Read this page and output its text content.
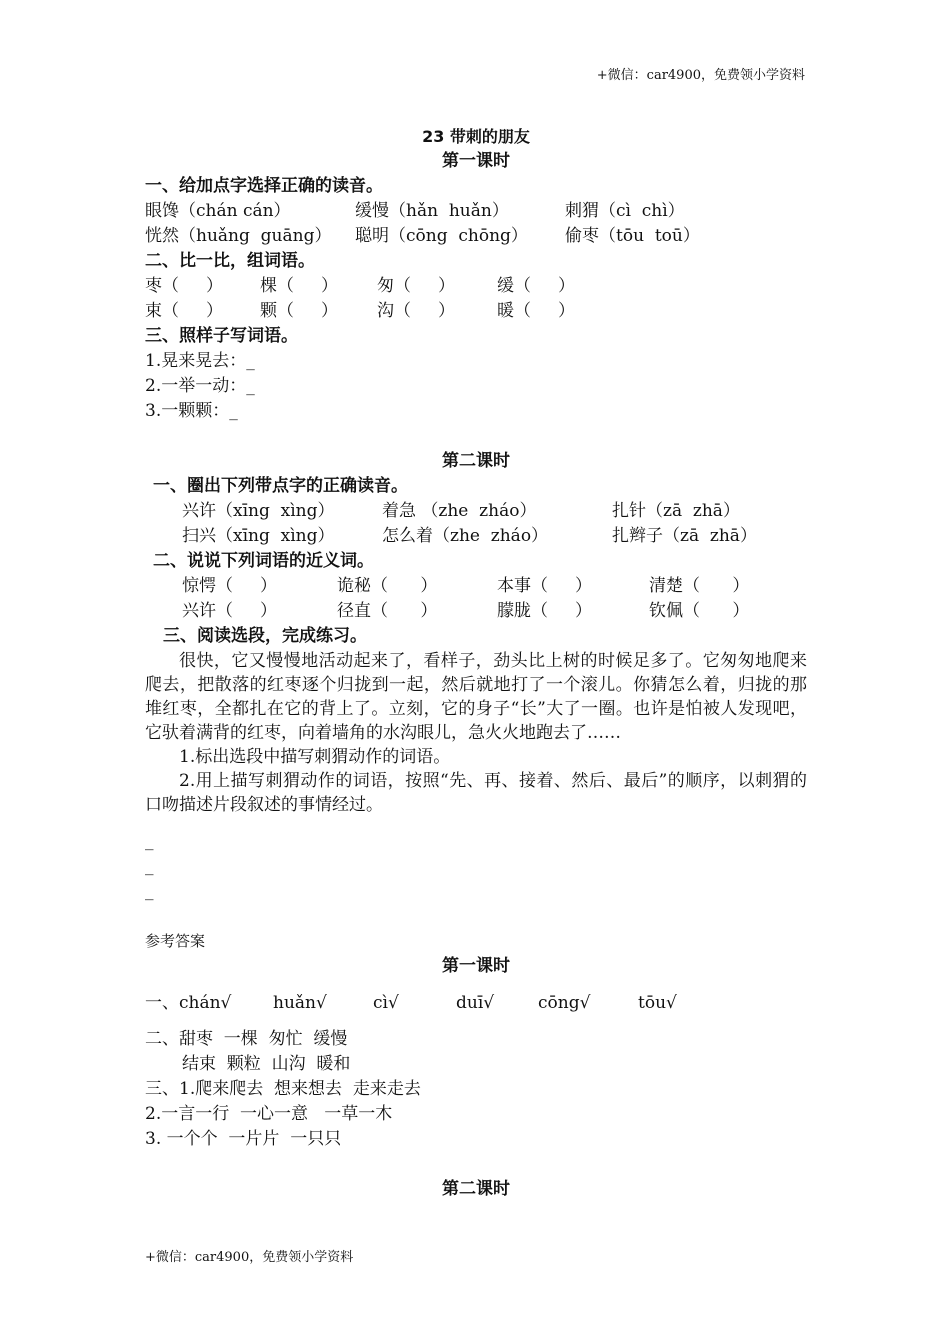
+微信：car4900，免费领小学资料
23 带刺的朋友
第一课时
一、给加点字选择正确的读音。
眼馋（chán cán）	缓慢（hǎn  huǎn）	刺猬（cì  chì）
恍然（huǎng  guāng）	聪明（cōng  chōng）	偷枣（tōu  toū）
二、比一比，组词语。
枣（     ）	棵（     ）	匆（     ）	缓（     ）
束（     ）	颗（     ）	沟（     ）	暖（     ）
三、照样子写词语。
1.晃来晃去：_
2.一举一动：_
3.一颗颗：_
第二课时
一、圈出下列带点字的正确读音。
兴许（xīng  xìng）	着急 （zhe  zháo）	扎针（zā  zhā）
扫兴（xīng  xìng）	怎么着（zhe  zháo）	扎辫子（zā  zhā）
二、说说下列词语的近义词。
惊愕（     ）	诡秘（      ）	本事（     ）	清楚（      ）
兴许（     ）	径直（      ）	朦胧（     ）	钦佩（      ）
三、阅读选段，完成练习。
很快，它又慢慢地活动起来了，看样子，劲头比上树的时候足多了。它匆匆地爬来爬去，把散落的红枣逐个归拢到一起，然后就地打了一个滚儿。你猜怎么着，归拢的那堆红枣，全都扎在它的背上了。立刻，它的身子“长”大了一圈。也许是怕被人发现吧，它驮着满背的红枣，向着墙角的水沟眼儿，急火火地跑去了……
1.标出选段中描写刺猬动作的词语。
2.用上描写刺猬动作的词语，按照“先、再、接着、然后、最后”的顺序，以刺猬的口吻描述片段叙述的事情经过。
_
_
_
参考答案
第一课时
一、chán√	huǎn√	cì√	duī√	cōng√	tōu√
二、甜枣  一棵  匆忙  缓慢
结束  颗粒  山沟  暖和
三、1.爬来爬去  想来想去  走来走去
2.一言一行  一心一意   一草一木
3. 一个个  一片片  一只只
第二课时
+微信：car4900，免费领小学资料
